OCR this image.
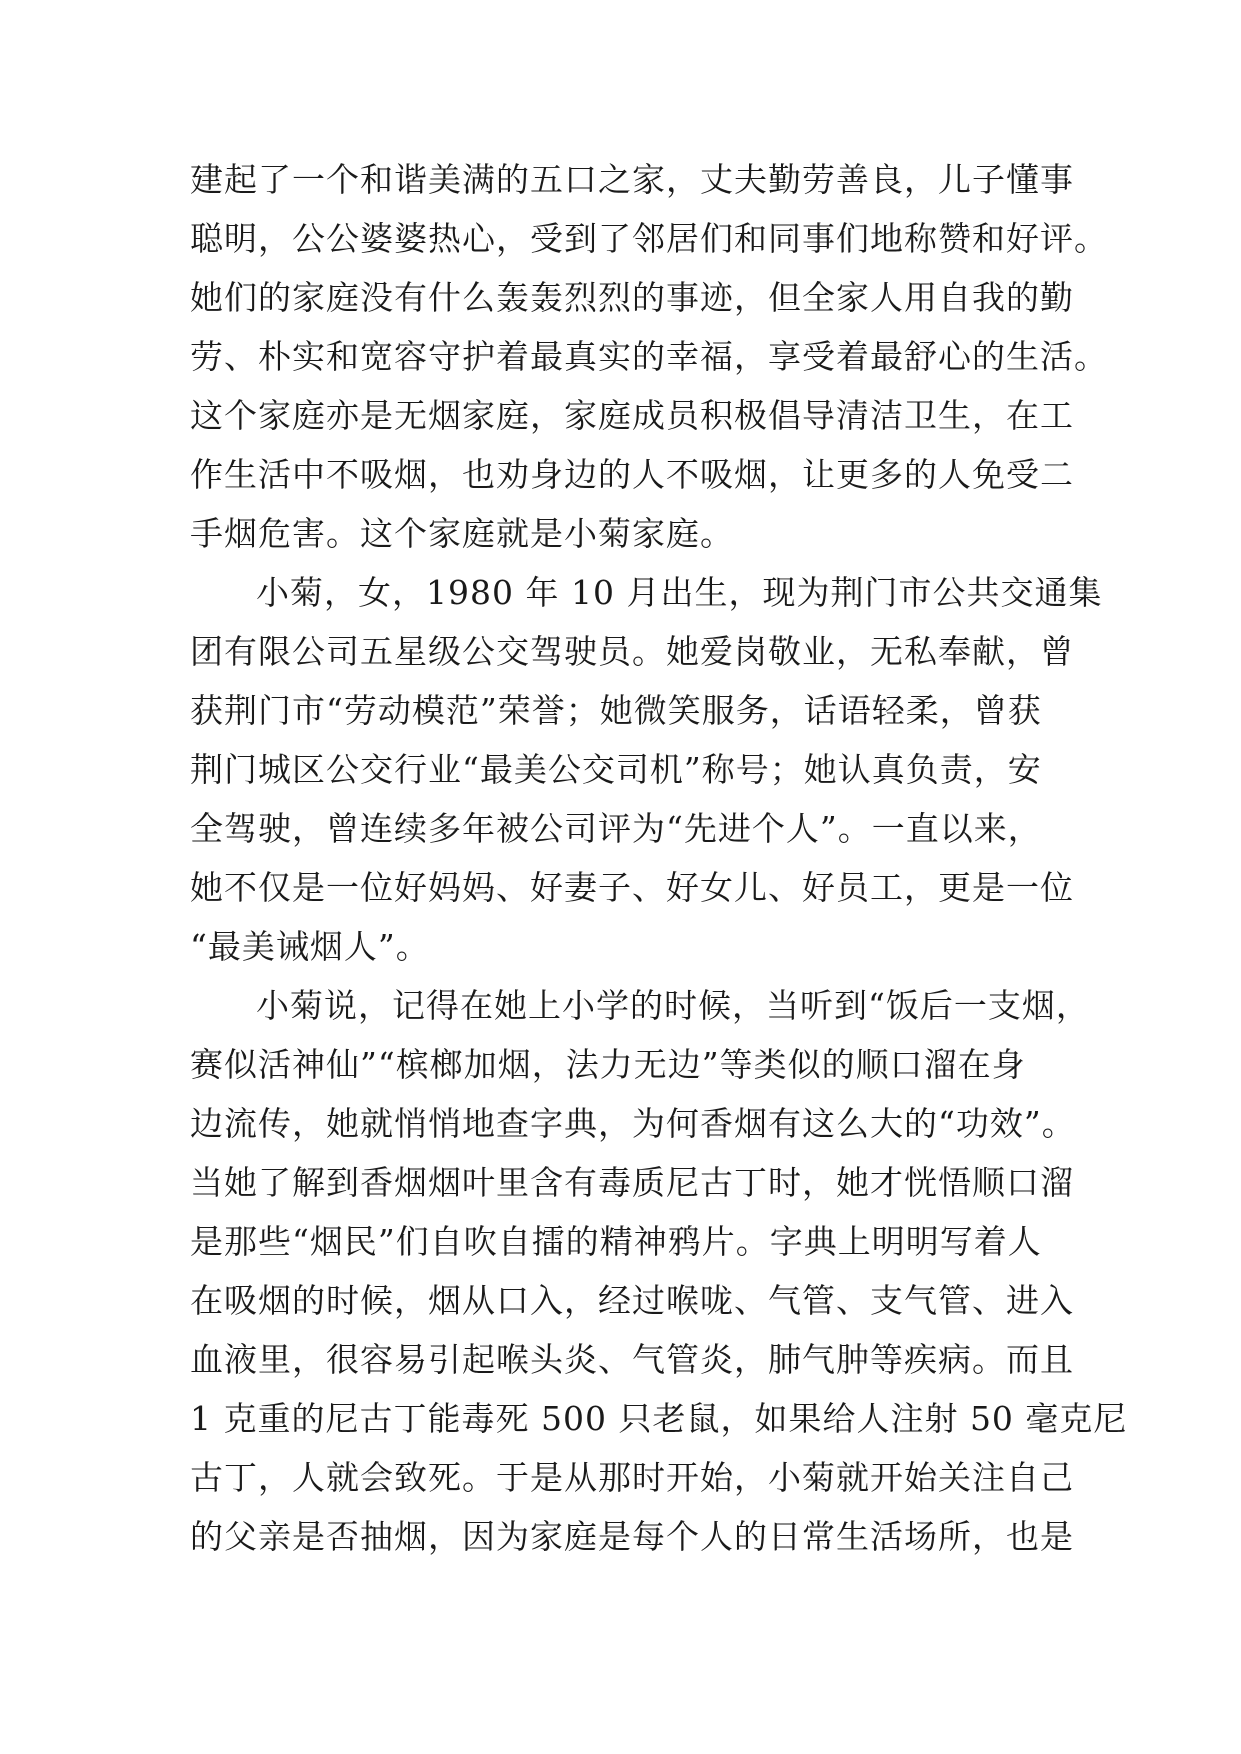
建起了一个和谐美满的五口之家，丈夫勤劳善良，儿子懂事
聪明，公公婆婆热心，受到了邻居们和同事们地称赞和好评。
她们的家庭没有什么轰轰烈烈的事迹，但全家人用自我的勤
劳、朴实和宽容守护着最真实的幸福，享受着最舒心的生活。
这个家庭亦是无烟家庭，家庭成员积极倡导清洁卫生，在工
作生活中不吸烟，也劝身边的人不吸烟，让更多的人免受二
手烟危害。这个家庭就是小菊家庭。
小菊，女，1980 年 10 月出生，现为荆门市公共交通集
团有限公司五星级公交驾驶员。她爱岗敬业，无私奉献，曾
获荆门市“劳动模范”荣誉；她微笑服务，话语轻柔，曾获
荆门城区公交行业“最美公交司机”称号；她认真负责，安
全驾驶，曾连续多年被公司评为“先进个人”。一直以来，
她不仅是一位好妈妈、好妻子、好女儿、好员工，更是一位
“最美诫烟人”。
小菊说，记得在她上小学的时候，当听到“饭后一支烟，
赛似活神仙”“槟榔加烟，法力无边”等类似的顺口溜在身
边流传，她就悄悄地查字典，为何香烟有这么大的“功效”。
当她了解到香烟烟叶里含有毒质尼古丁时，她才恍悟顺口溜
是那些“烟民”们自吹自擂的精神鸦片。字典上明明写着人
在吸烟的时候，烟从口入，经过喉咙、气管、支气管、进入
血液里，很容易引起喉头炎、气管炎，肺气肿等疾病。而且
1 克重的尼古丁能毒死 500 只老鼠，如果给人注射 50 毫克尼
古丁，人就会致死。于是从那时开始，小菊就开始关注自己
的父亲是否抽烟，因为家庭是每个人的日常生活场所，也是
